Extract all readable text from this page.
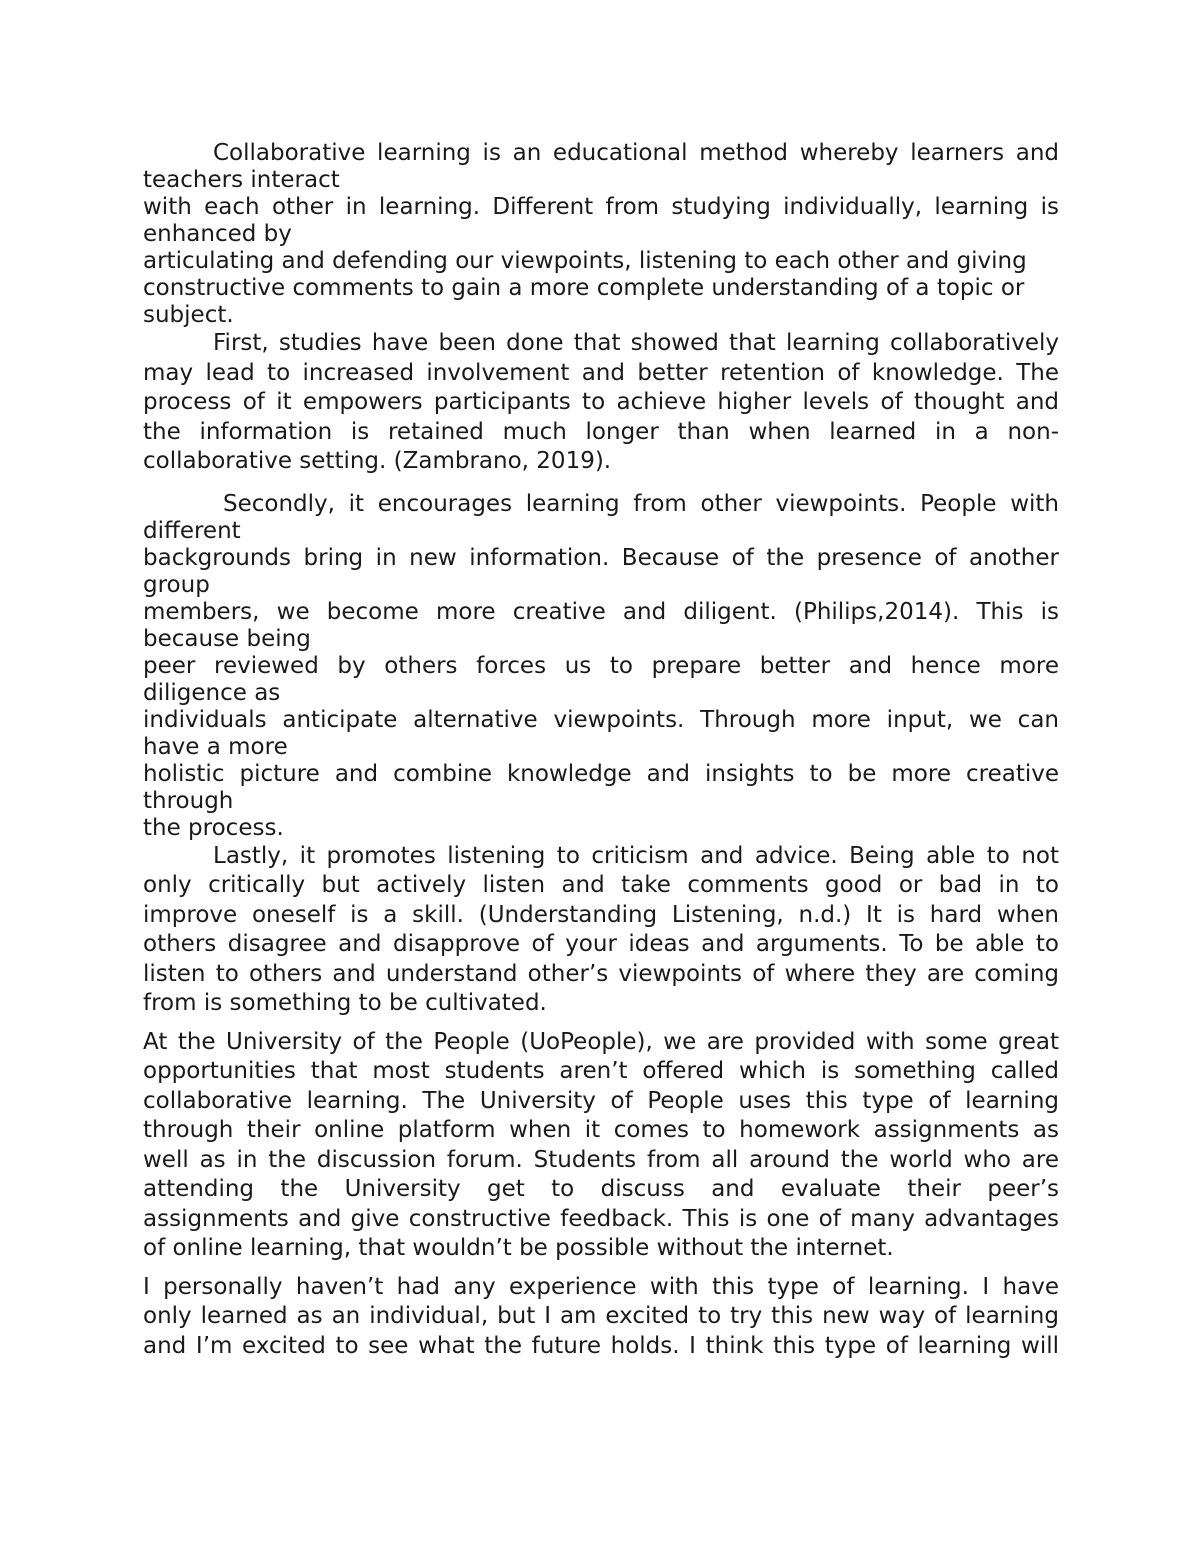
Collaborative learning is an educational method whereby learners and
teachers interact
with each other in learning. Different from studying individually, learning is
enhanced by
articulating and defending our viewpoints, listening to each other and giving
constructive comments to gain a more complete understanding of a topic or
subject.
First, studies have been done that showed that learning collaboratively
may lead to increased involvement and better retention of knowledge. The
process of it empowers participants to achieve higher levels of thought and
the information is retained much longer than when learned in a non-
collaborative setting. (Zambrano, 2019).
Secondly, it encourages learning from other viewpoints. People with
different
backgrounds bring in new information. Because of the presence of another
group
members, we become more creative and diligent. (Philips,2014). This is
because being
peer reviewed by others forces us to prepare better and hence more
diligence as
individuals anticipate alternative viewpoints. Through more input, we can
have a more
holistic picture and combine knowledge and insights to be more creative
through
the process.
Lastly, it promotes listening to criticism and advice. Being able to not
only critically but actively listen and take comments good or bad in to
improve oneself is a skill. (Understanding Listening, n.d.) It is hard when
others disagree and disapprove of your ideas and arguments. To be able to
listen to others and understand other’s viewpoints of where they are coming
from is something to be cultivated.
At the University of the People (UoPeople), we are provided with some great
opportunities that most students aren’t offered which is something called
collaborative learning. The University of People uses this type of learning
through their online platform when it comes to homework assignments as
well as in the discussion forum. Students from all around the world who are
attending the University get to discuss and evaluate their peer’s
assignments and give constructive feedback. This is one of many advantages
of online learning, that wouldn’t be possible without the internet.
I personally haven’t had any experience with this type of learning. I have
only learned as an individual, but I am excited to try this new way of learning
and I’m excited to see what the future holds. I think this type of learning will
